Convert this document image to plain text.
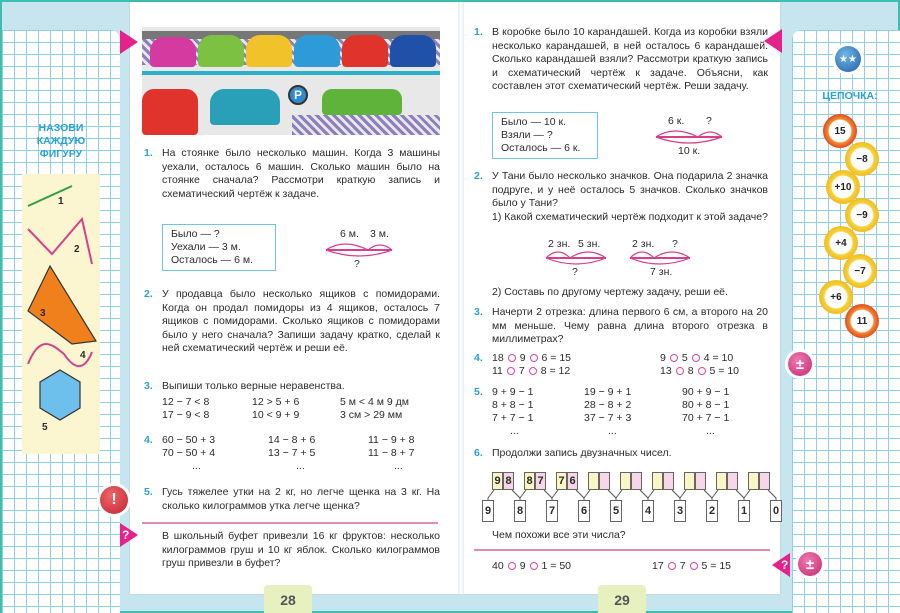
НАЗОВИ
КАЖДУЮ
ФИГУРУ
1
2
3
4
5
★★
ЦЕПОЧКА:
15
−8
+10
−9
+4
−7
+6
11
P
1. На стоянке было несколько машин. Когда 3 машины уехали, осталось 6 машин. Сколько машин было на стоянке сначала? Рассмотри краткую запись и схематический чертёж к задаче.

Было — ?
Уехали — 3 м.
Осталось — 6 м.
6 м. 3 м.
?
2. У продавца было несколько ящиков с помидорами. Когда он продал помидоры из 4 ящиков, осталось 7 ящиков с помидорами. Сколько ящиков с помидорами было у него сначала? Запиши задачу кратко, сделай к ней схематический чертёж и реши её.

3. Выпиши только верные неравенства.

12 − 7 < 8	12 > 5 + 6	5 м < 4 м 9 дм
17 − 9 < 8	10 < 9 + 9	3 см > 29 мм
4. 60 − 50 + 3	14 − 8 + 6	11 − 9 + 8
70 − 50 + 4	13 − 7 + 5	11 − 8 + 7
...	...	...
!	5. Гусь тяжелее утки на 2 кг, но легче щенка на 3 кг. На сколько килограммов утка легче щенка?

?	В школьный буфет привезли 16 кг фруктов: несколько килограммов груш и 10 кг яблок. Сколько килограммов груш привезли в буфет?

28
1. В коробке было 10 карандашей. Когда из коробки взяли несколько карандашей, в ней осталось 6 карандашей. Сколько карандашей взяли? Рассмотри краткую запись и схематический чертёж к задаче. Объясни, как составлен этот схематический чертёж. Реши задачу.

Было — 10 к.
Взяли — ?
Осталось — 6 к.
6 к. ?
10 к.
2. У Тани было несколько значков. Она подарила 2 значка подруге, и у неё осталось 5 значков. Сколько значков было у Тани?

1) Какой схематический чертёж подходит к этой задаче?

2 зн. 5 зн.
?
2 зн. ?
7 зн.

2) Составь по другому чертежу задачу, реши её.

3. Начерти 2 отрезка: длина первого 6 см, а второго на 20 мм меньше. Чему равна длина второго отрезка в миллиметрах?

4. 18 9 6 = 15	9 5 4 = 10
11 7 8 = 12	13 8 5 = 10	±
5. 9 + 9 − 1	19 − 9 + 1	90 + 9 − 1
8 + 8 − 1	28 − 8 + 2	80 + 8 − 1
7 + 7 − 1	37 − 7 + 3	70 + 7 − 1
...	...	...
6. Продолжи запись двузначных чисел.

9 8 8 7 7 6
9 8 7 6 5 4 3 2 1 0

Чем похожи все эти числа?

40 9 1 = 50	17 7 5 = 15	?	±
29
